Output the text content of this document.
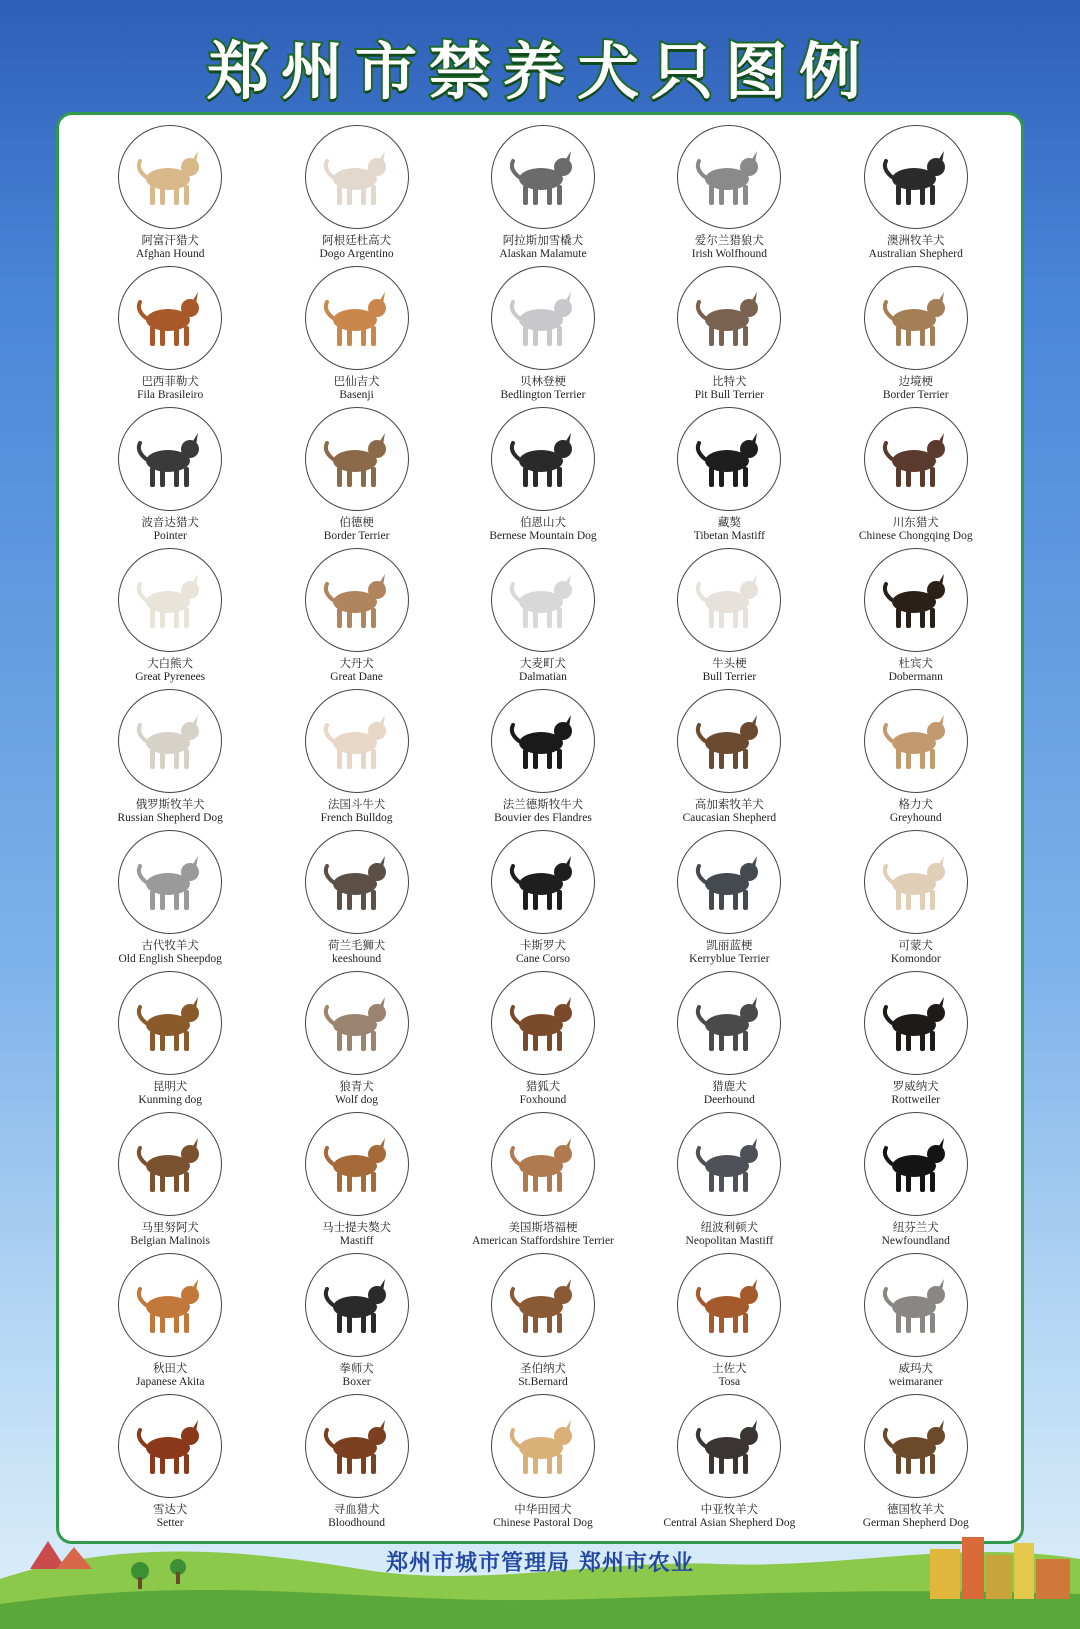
郑州市禁养犬只图例
阿富汗猎犬
Afghan Hound
阿根廷杜高犬
Dogo Argentino
阿拉斯加雪橇犬
Alaskan Malamute
爱尔兰猎狼犬
Irish Wolfhound
澳洲牧羊犬
Australian Shepherd
巴西菲勒犬
Fila Brasileiro
巴仙吉犬
Basenji
贝林登梗
Bedlington Terrier
比特犬
Pit Bull Terrier
边境梗
Border Terrier
波音达猎犬
Pointer
伯德梗
Border Terrier
伯恩山犬
Bernese Mountain Dog
藏獒
Tibetan Mastiff
川东猎犬
Chinese Chongqing Dog
大白熊犬
Great Pyrenees
大丹犬
Great Dane
大麦町犬
Dalmatian
牛头梗
Bull Terrier
杜宾犬
Dobermann
俄罗斯牧羊犬
Russian Shepherd Dog
法国斗牛犬
French Bulldog
法兰德斯牧牛犬
Bouvier des Flandres
高加索牧羊犬
Caucasian Shepherd
格力犬
Greyhound
古代牧羊犬
Old English Sheepdog
荷兰毛狮犬
keeshound
卡斯罗犬
Cane Corso
凯丽蓝梗
Kerryblue Terrier
可蒙犬
Komondor
昆明犬
Kunming dog
狼青犬
Wolf dog
猎狐犬
Foxhound
猎鹿犬
Deerhound
罗威纳犬
Rottweiler
马里努阿犬
Belgian Malinois
马士提夫獒犬
Mastiff
美国斯塔福梗
American Staffordshire Terrier
纽波利顿犬
Neopolitan Mastiff
纽芬兰犬
Newfoundland
秋田犬
Japanese Akita
拳师犬
Boxer
圣伯纳犬
St.Bernard
土佐犬
Tosa
威玛犬
weimaraner
雪达犬
Setter
寻血猎犬
Bloodhound
中华田园犬
Chinese Pastoral Dog
中亚牧羊犬
Central Asian Shepherd Dog
德国牧羊犬
German Shepherd Dog
郑州市城市管理局 郑州市农业
